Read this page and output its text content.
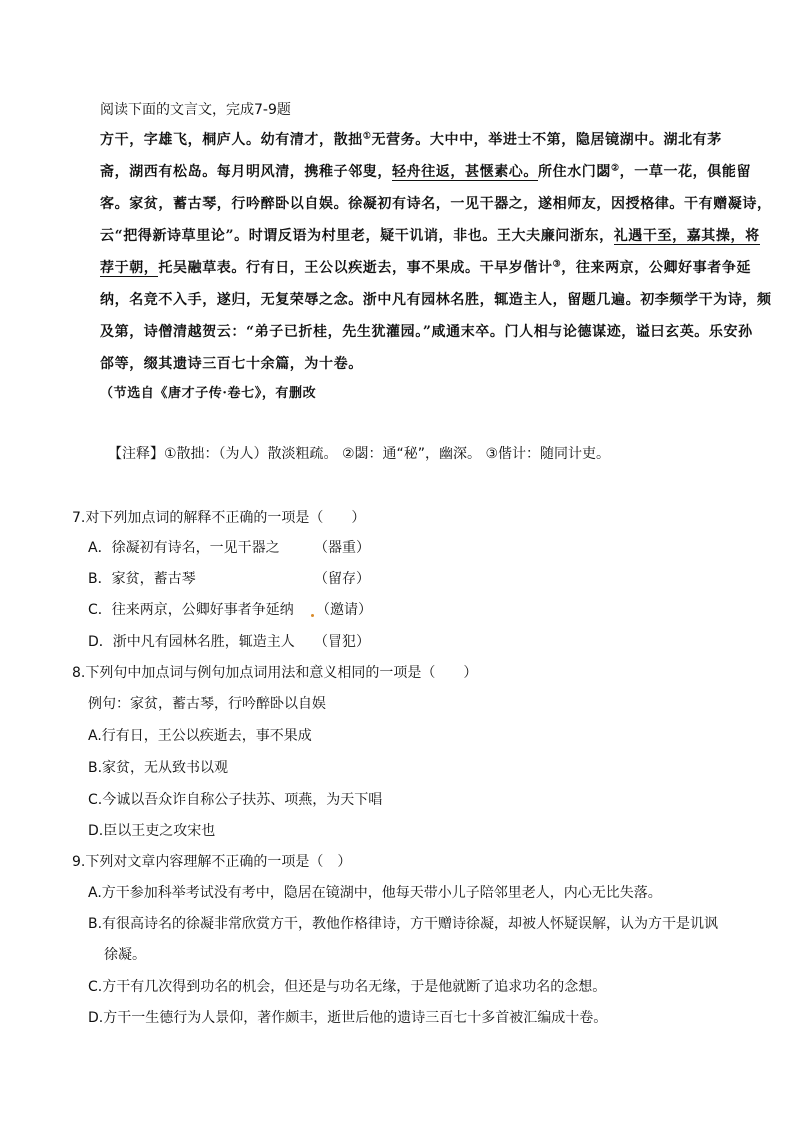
阅读下面的文言文，完成7-9题
方干，字雄飞，桐庐人。幼有清才，散拙①无营务。大中中，举进士不第，隐居镜湖中。湖北有茅
斋，湖西有松岛。每月明风清，携稚子邻叟，轻舟往返，甚惬素心。所住水门閟②，一草一花，俱能留
客。家贫，蓄古琴，行吟醉卧以自娱。徐凝初有诗名，一见干器之，遂相师友，因授格律。干有赠凝诗，
云“把得新诗草里论”。时谓反语为村里老，疑干讥诮，非也。王大夫廉问浙东，礼遇干至，嘉其操，将
荐于朝，托吴融草表。行有日，王公以疾逝去，事不果成。干早岁偕计③，往来两京，公卿好事者争延
纳，名竞不入手，遂归，无复荣辱之念。浙中凡有园林名胜，辄造主人，留题几遍。初李频学干为诗，频
及第，诗僧清越贺云：“弟子已折桂，先生犹灌园。”咸通末卒。门人相与论德谋迹，谥曰玄英。乐安孙
郃等，缀其遗诗三百七十余篇，为十卷。
（节选自《唐才子传·卷七》，有删改
【注释】①散拙：（为人）散淡粗疏。 ②閟：通“秘”，幽深。 ③偕计：随同计吏。
7.对下列加点词的解释不正确的一项是（　　）
A．徐凝初有诗名，一见干器之 （器重）
B．家贫，蓄古琴	（留存）
C．往来两京，公卿好事者争延纳 （邀请）
D．浙中凡有园林名胜，辄造主人 （冒犯）
8.下列句中加点词与例句加点词用法和意义相同的一项是（　　）
例句：家贫，蓄古琴，行吟醉卧以自娱
A.行有日，王公以疾逝去，事不果成
B.家贫，无从致书以观
C.今诚以吾众诈自称公子扶苏、项燕，为天下唱
D.臣以王吏之攻宋也
9.下列对文章内容理解不正确的一项是（　）
A.方干参加科举考试没有考中，隐居在镜湖中，他每天带小儿子陪邻里老人，内心无比失落。
B.有很高诗名的徐凝非常欣赏方干，教他作格律诗，方干赠诗徐凝，却被人怀疑误解，认为方干是讥讽
徐凝。
C.方干有几次得到功名的机会，但还是与功名无缘，于是他就断了追求功名的念想。
D.方干一生德行为人景仰，著作颇丰，逝世后他的遗诗三百七十多首被汇编成十卷。
